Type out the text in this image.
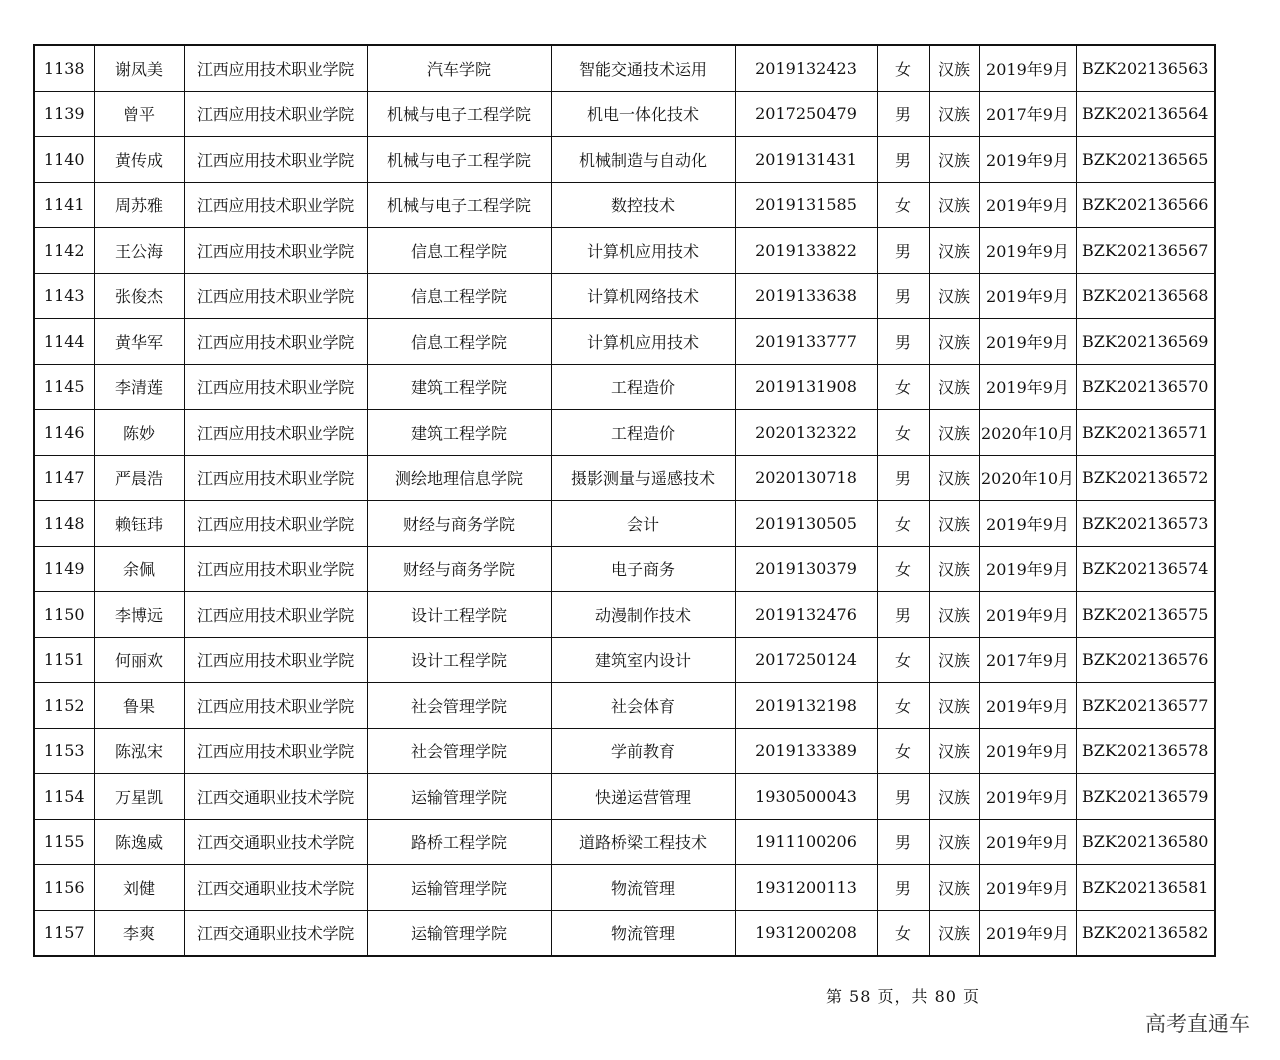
1138	谢凤美	江西应用技术职业学院	汽车学院	智能交通技术运用	2019132423	女	汉族	2019年9月	BZK202136563
1139	曾平	江西应用技术职业学院	机械与电子工程学院	机电一体化技术	2017250479	男	汉族	2017年9月	BZK202136564
1140	黄传成	江西应用技术职业学院	机械与电子工程学院	机械制造与自动化	2019131431	男	汉族	2019年9月	BZK202136565
1141	周苏雅	江西应用技术职业学院	机械与电子工程学院	数控技术	2019131585	女	汉族	2019年9月	BZK202136566
1142	王公海	江西应用技术职业学院	信息工程学院	计算机应用技术	2019133822	男	汉族	2019年9月	BZK202136567
1143	张俊杰	江西应用技术职业学院	信息工程学院	计算机网络技术	2019133638	男	汉族	2019年9月	BZK202136568
1144	黄华军	江西应用技术职业学院	信息工程学院	计算机应用技术	2019133777	男	汉族	2019年9月	BZK202136569
1145	李清莲	江西应用技术职业学院	建筑工程学院	工程造价	2019131908	女	汉族	2019年9月	BZK202136570
1146	陈妙	江西应用技术职业学院	建筑工程学院	工程造价	2020132322	女	汉族	2020年10月	BZK202136571
1147	严晨浩	江西应用技术职业学院	测绘地理信息学院	摄影测量与遥感技术	2020130718	男	汉族	2020年10月	BZK202136572
1148	赖钰玮	江西应用技术职业学院	财经与商务学院	会计	2019130505	女	汉族	2019年9月	BZK202136573
1149	余佩	江西应用技术职业学院	财经与商务学院	电子商务	2019130379	女	汉族	2019年9月	BZK202136574
1150	李博远	江西应用技术职业学院	设计工程学院	动漫制作技术	2019132476	男	汉族	2019年9月	BZK202136575
1151	何丽欢	江西应用技术职业学院	设计工程学院	建筑室内设计	2017250124	女	汉族	2017年9月	BZK202136576
1152	鲁果	江西应用技术职业学院	社会管理学院	社会体育	2019132198	女	汉族	2019年9月	BZK202136577
1153	陈泓宋	江西应用技术职业学院	社会管理学院	学前教育	2019133389	女	汉族	2019年9月	BZK202136578
1154	万星凯	江西交通职业技术学院	运输管理学院	快递运营管理	1930500043	男	汉族	2019年9月	BZK202136579
1155	陈逸威	江西交通职业技术学院	路桥工程学院	道路桥梁工程技术	1911100206	男	汉族	2019年9月	BZK202136580
1156	刘健	江西交通职业技术学院	运输管理学院	物流管理	1931200113	男	汉族	2019年9月	BZK202136581
1157	李爽	江西交通职业技术学院	运输管理学院	物流管理	1931200208	女	汉族	2019年9月	BZK202136582
第 58 页，共 80 页
高考直通车
